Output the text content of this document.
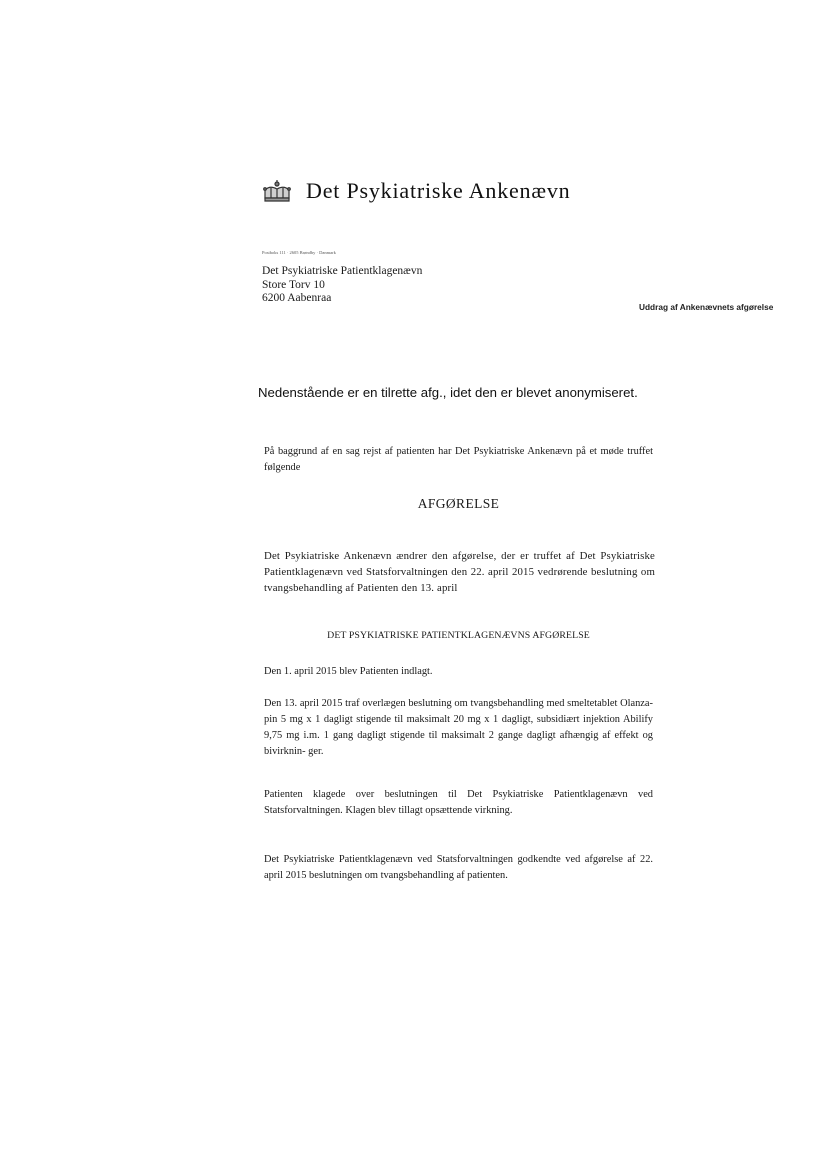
Det Psykiatriske Ankenævn
Postboks 111 · 2605 Brøndby · Danmark
Det Psykiatriske Patientklagenævn
Store Torv 10
6200 Aabenraa
Uddrag af Ankenævnets afgørelse
Nedenstående er en tilrette afg., idet den er blevet anonymiseret.
På baggrund af en sag rejst af patienten har Det Psykiatriske Ankenævn på et møde truffet følgende
AFGØRELSE
Det Psykiatriske Ankenævn ændrer den afgørelse, der er truffet af Det Psykiatriske Patientklagenævn ved Statsforvaltningen den 22. april 2015 vedrørende beslutning om tvangsbehandling af Patienten den 13. april
DET PSYKIATRISKE PATIENTKLAGENÆVNS AFGØRELSE
Den 1. april 2015 blev Patienten indlagt.
Den 13. april 2015 traf overlægen beslutning om tvangsbehandling med smeltetablet Olanza- pin 5 mg x 1 dagligt stigende til maksimalt 20 mg x 1 dagligt, subsidiært injektion Abilify 9,75 mg i.m. 1 gang dagligt stigende til maksimalt 2 gange dagligt afhængig af effekt og bivirknin- ger.
Patienten klagede over beslutningen til Det Psykiatriske Patientklagenævn ved Statsforvaltningen. Klagen blev tillagt opsættende virkning.
Det Psykiatriske Patientklagenævn ved Statsforvaltningen godkendte ved afgørelse af 22. april 2015 beslutningen om tvangsbehandling af patienten.
